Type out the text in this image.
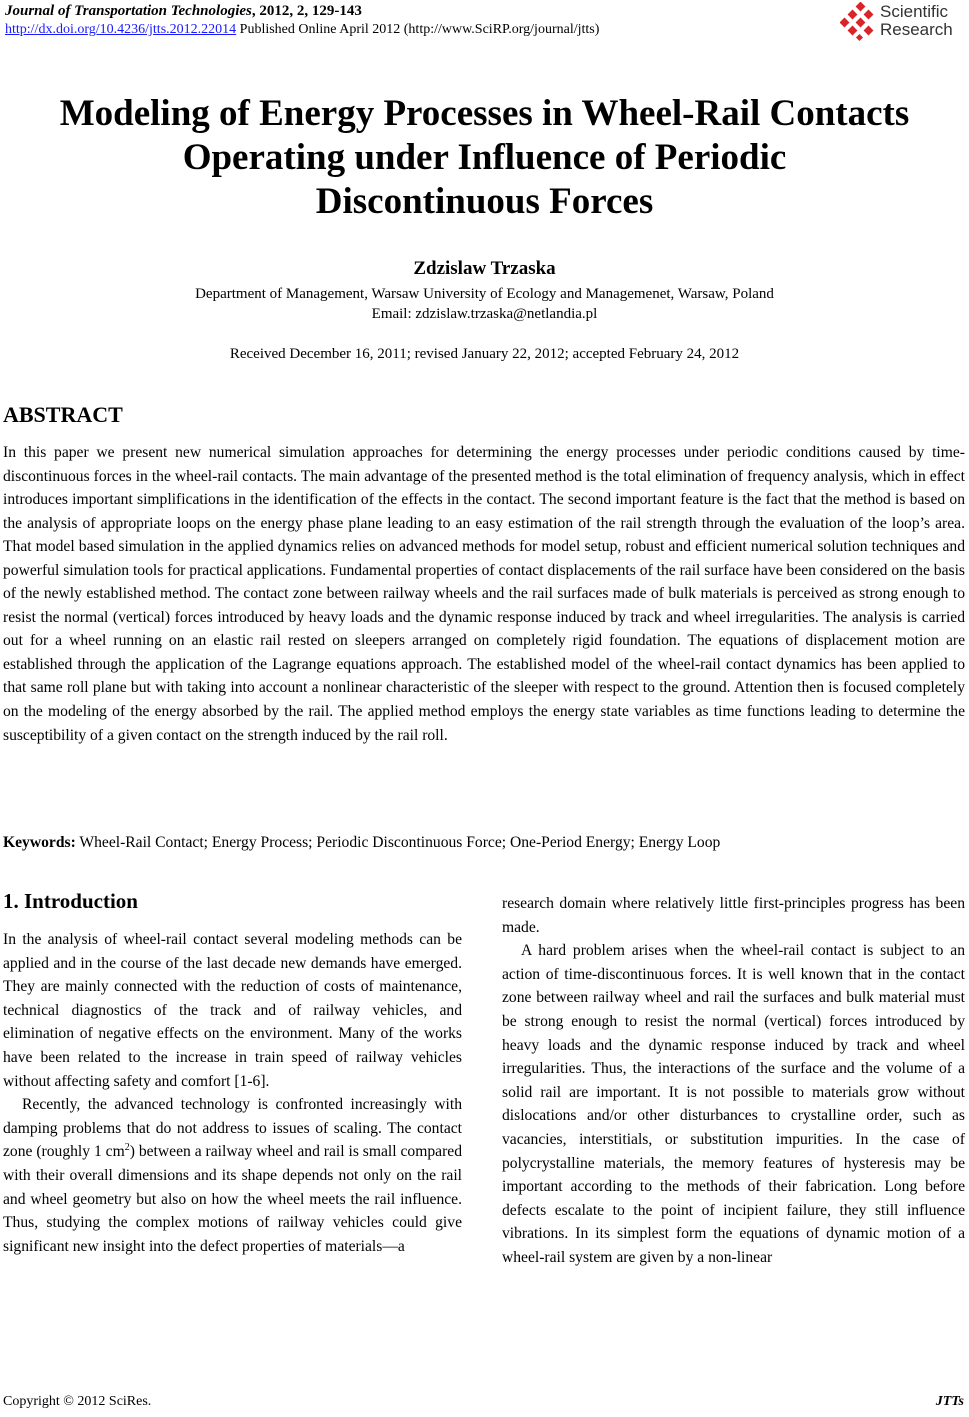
Journal of Transportation Technologies, 2012, 2, 129-143
http://dx.doi.org/10.4236/jtts.2012.22014 Published Online April 2012 (http://www.SciRP.org/journal/jtts)
Scientific
Research
Modeling of Energy Processes in Wheel-Rail Contacts
Operating under Influence of Periodic
Discontinuous Forces
Zdzislaw Trzaska
Department of Management, Warsaw University of Ecology and Managemenet, Warsaw, Poland
Email: zdzislaw.trzaska@netlandia.pl
Received December 16, 2011; revised January 22, 2012; accepted February 24, 2012
ABSTRACT

In this paper we present new numerical simulation approaches for determining the energy processes under periodic conditions caused by time-discontinuous forces in the wheel-rail contacts. The main advantage of the presented method is the total elimination of frequency analysis, which in effect introduces important simplifications in the identification of the effects in the contact. The second important feature is the fact that the method is based on the analysis of appropriate loops on the energy phase plane leading to an easy estimation of the rail strength through the evaluation of the loop’s area. That model based simulation in the applied dynamics relies on advanced methods for model setup, robust and efficient numerical solution techniques and powerful simulation tools for practical applications. Fundamental properties of contact displacements of the rail surface have been considered on the basis of the newly established method. The contact zone between railway wheels and the rail surfaces made of bulk materials is perceived as strong enough to resist the normal (vertical) forces introduced by heavy loads and the dynamic response induced by track and wheel irregularities. The analysis is carried out for a wheel running on an elastic rail rested on sleepers arranged on completely rigid foundation. The equations of displacement motion are established through the application of the Lagrange equations approach. The established model of the wheel-rail contact dynamics has been applied to that same roll plane but with taking into account a nonlinear characteristic of the sleeper with respect to the ground. Attention then is focused completely on the modeling of the energy absorbed by the rail. The applied method employs the energy state variables as time functions leading to determine the susceptibility of a given contact on the strength induced by the rail roll.

Keywords: Wheel-Rail Contact; Energy Process; Periodic Discontinuous Force; One-Period Energy; Energy Loop

1. Introduction

In the analysis of wheel-rail contact several modeling methods can be applied and in the course of the last decade new demands have emerged. They are mainly connected with the reduction of costs of maintenance, technical diagnostics of the track and of railway vehicles, and elimination of negative effects on the environment. Many of the works have been related to the increase in train speed of railway vehicles without affecting safety and comfort [1-6].

Recently, the advanced technology is confronted increasingly with damping problems that do not address to issues of scaling. The contact zone (roughly 1 $cm^2$) between a railway wheel and rail is small compared with their overall dimensions and its shape depends not only on the rail and wheel geometry but also on how the wheel meets the rail influence. Thus, studying the complex motions of railway vehicles could give significant new insight into the defect properties of materials—a

research domain where relatively little first-principles progress has been made.

A hard problem arises when the wheel-rail contact is subject to an action of time-discontinuous forces. It is well known that in the contact zone between railway wheel and rail the surfaces and bulk material must be strong enough to resist the normal (vertical) forces introduced by heavy loads and the dynamic response induced by track and wheel irregularities. Thus, the interactions of the surface and the volume of a solid rail are important. It is not possible to materials grow without dislocations and/or other disturbances to crystalline order, such as vacancies, interstitials, or substitution impurities. In the case of polycrystalline materials, the memory features of hysteresis may be important according to the methods of their fabrication. Long before defects escalate to the point of incipient failure, they still influence vibrations. In its simplest form the equations of dynamic motion of a wheel-rail system are given by a non-linear

Copyright © 2012 SciRes.	JTTs
